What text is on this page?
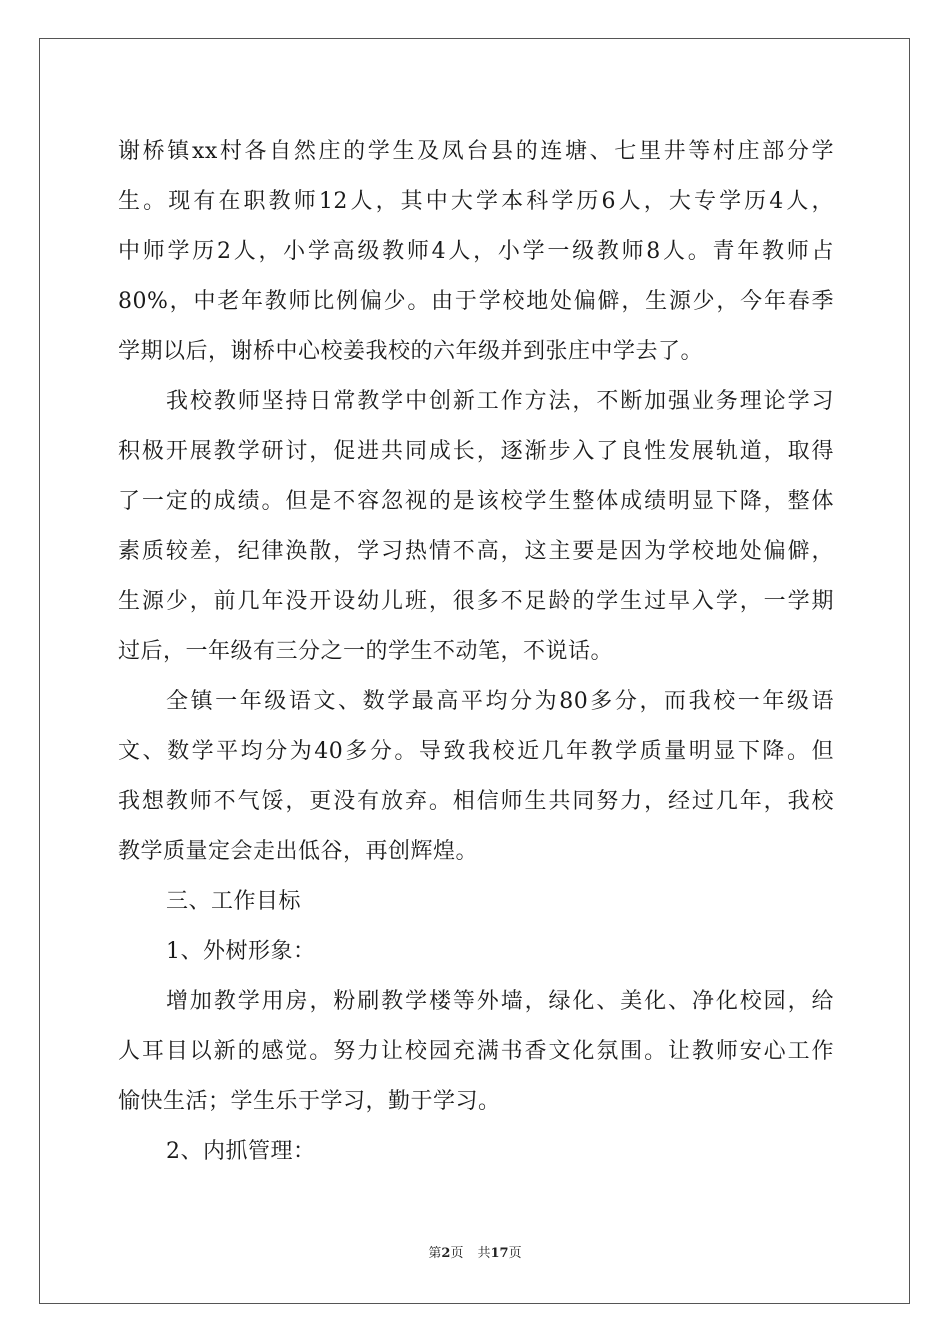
谢桥镇xx村各自然庄的学生及凤台县的连塘、七里井等村庄部分学
生。现有在职教师12人，其中大学本科学历6人，大专学历4人，
中师学历2人，小学高级教师4人，小学一级教师8人。青年教师占
80%，中老年教师比例偏少。由于学校地处偏僻，生源少，今年春季
学期以后，谢桥中心校姜我校的六年级并到张庄中学去了。
我校教师坚持日常教学中创新工作方法，不断加强业务理论学习
积极开展教学研讨，促进共同成长，逐渐步入了良性发展轨道，取得
了一定的成绩。但是不容忽视的是该校学生整体成绩明显下降，整体
素质较差，纪律涣散，学习热情不高，这主要是因为学校地处偏僻，
生源少，前几年没开设幼儿班，很多不足龄的学生过早入学，一学期
过后，一年级有三分之一的学生不动笔，不说话。
全镇一年级语文、数学最高平均分为80多分，而我校一年级语
文、数学平均分为40多分。导致我校近几年教学质量明显下降。但
我想教师不气馁，更没有放弃。相信师生共同努力，经过几年，我校
教学质量定会走出低谷，再创辉煌。
三、工作目标
1、外树形象：
增加教学用房，粉刷教学楼等外墙，绿化、美化、净化校园，给
人耳目以新的感觉。努力让校园充满书香文化氛围。让教师安心工作
愉快生活；学生乐于学习，勤于学习。
2、内抓管理：
第2页 共17页
